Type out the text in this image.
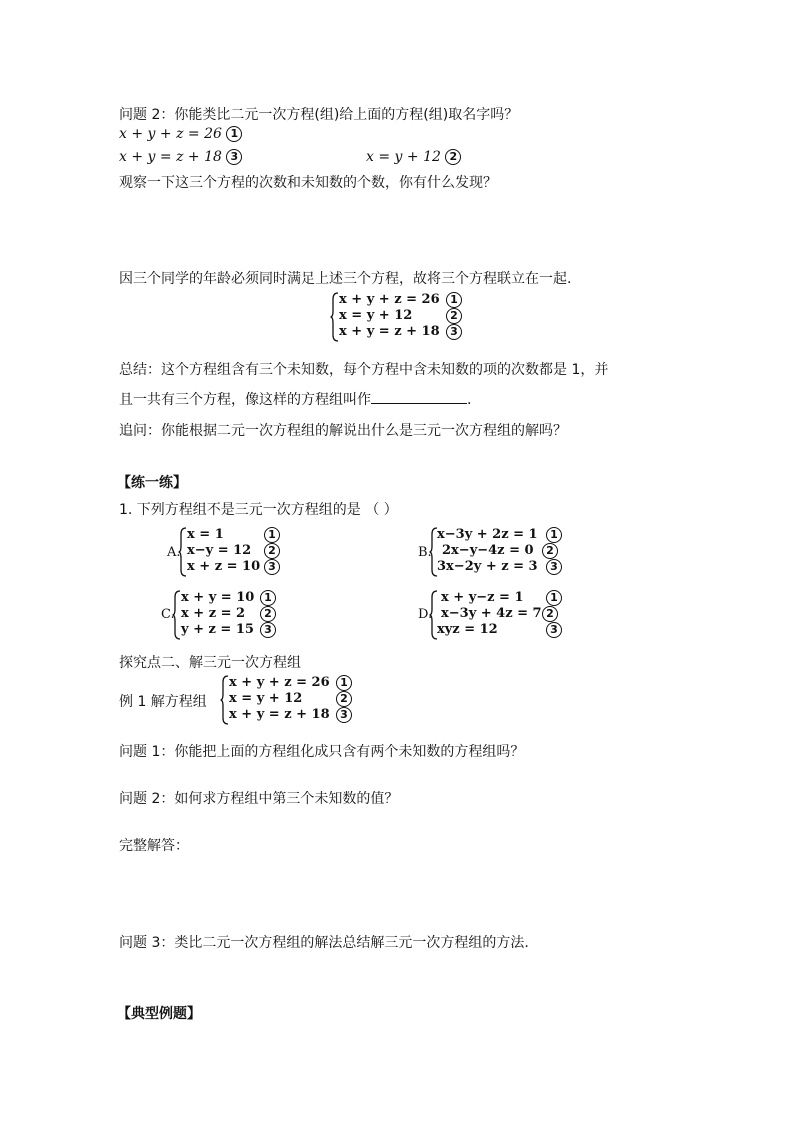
问题 2：你能类比二元一次方程(组)给上面的方程(组)取名字吗？
x + y + z = 26 1
x + y = z + 18 3	x = y + 12 2
观察一下这三个方程的次数和未知数的个数，你有什么发现？
因三个同学的年龄必须同时满足上述三个方程，故将三个方程联立在一起.
x + y + z = 26
x = y + 12
x + y = z + 18
1
2
3
总结：这个方程组含有三个未知数，每个方程中含未知数的项的次数都是 1，并
且一共有三个方程，像这样的方程组叫作	.
追问：你能根据二元一次方程组的解说出什么是三元一次方程组的解吗？
【练一练】
1. 下列方程组不是三元一次方程组的是 （ ）
A.
x = 1
x−y = 12
x + z = 10
1
2
3
B.
x−3y + 2z = 1
2x−y−4z = 0
3x−2y + z = 3
1
2
3
C.
x + y = 10
x + z = 2
y + z = 15
1
2
3
D.
x + y−z = 1
x−3y + 4z = 7
xyz = 12
1
2
3
探究点二、解三元一次方程组
例 1 解方程组
x + y + z = 26
x = y + 12
x + y = z + 18
1
2
3
问题 1：你能把上面的方程组化成只含有两个未知数的方程组吗？
问题 2：如何求方程组中第三个未知数的值？
完整解答：
问题 3：类比二元一次方程组的解法总结解三元一次方程组的方法.
【典型例题】
